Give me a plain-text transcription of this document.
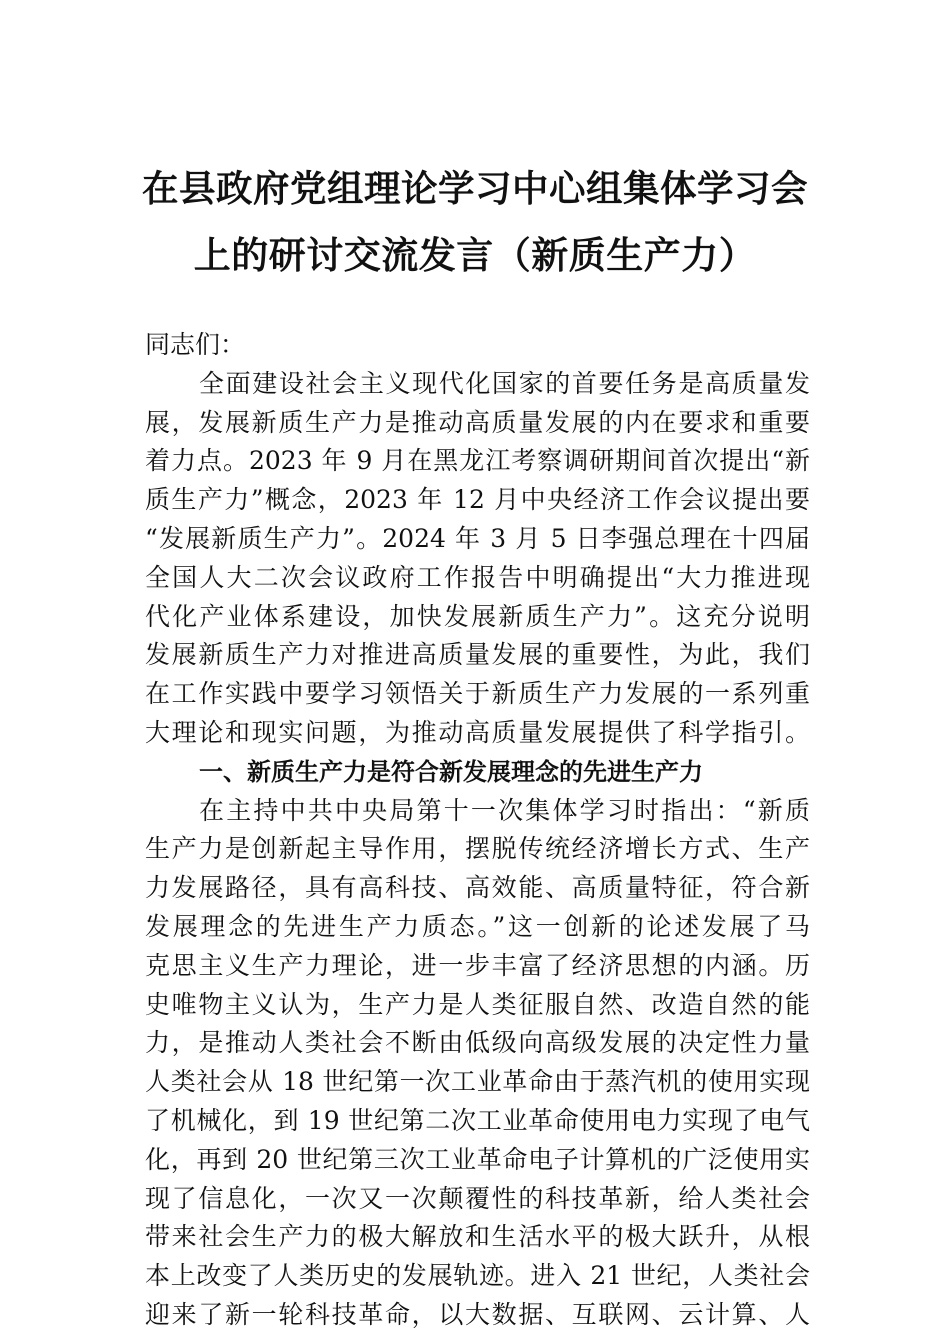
在县政府党组理论学习中心组集体学习会
上的研讨交流发言（新质生产力）
同志们：
全面建设社会主义现代化国家的首要任务是高质量发
展，发展新质生产力是推动高质量发展的内在要求和重要
着力点。2023 年 9 月在黑龙江考察调研期间首次提出“新
质生产力”概念，2023 年 12 月中央经济工作会议提出要
“发展新质生产力”。2024 年 3 月 5 日李强总理在十四届
全国人大二次会议政府工作报告中明确提出“大力推进现
代化产业体系建设，加快发展新质生产力”。这充分说明
发展新质生产力对推进高质量发展的重要性，为此，我们
在工作实践中要学习领悟关于新质生产力发展的一系列重
大理论和现实问题，为推动高质量发展提供了科学指引。
一、新质生产力是符合新发展理念的先进生产力
在主持中共中央局第十一次集体学习时指出：“新质
生产力是创新起主导作用，摆脱传统经济增长方式、生产
力发展路径，具有高科技、高效能、高质量特征，符合新
发展理念的先进生产力质态。”这一创新的论述发展了马
克思主义生产力理论，进一步丰富了经济思想的内涵。历
史唯物主义认为，生产力是人类征服自然、改造自然的能
力，是推动人类社会不断由低级向高级发展的决定性力量
人类社会从 18 世纪第一次工业革命由于蒸汽机的使用实现
了机械化，到 19 世纪第二次工业革命使用电力实现了电气
化，再到 20 世纪第三次工业革命电子计算机的广泛使用实
现了信息化，一次又一次颠覆性的科技革新，给人类社会
带来社会生产力的极大解放和生活水平的极大跃升，从根
本上改变了人类历史的发展轨迹。进入 21 世纪，人类社会
迎来了新一轮科技革命，以大数据、互联网、云计算、人
